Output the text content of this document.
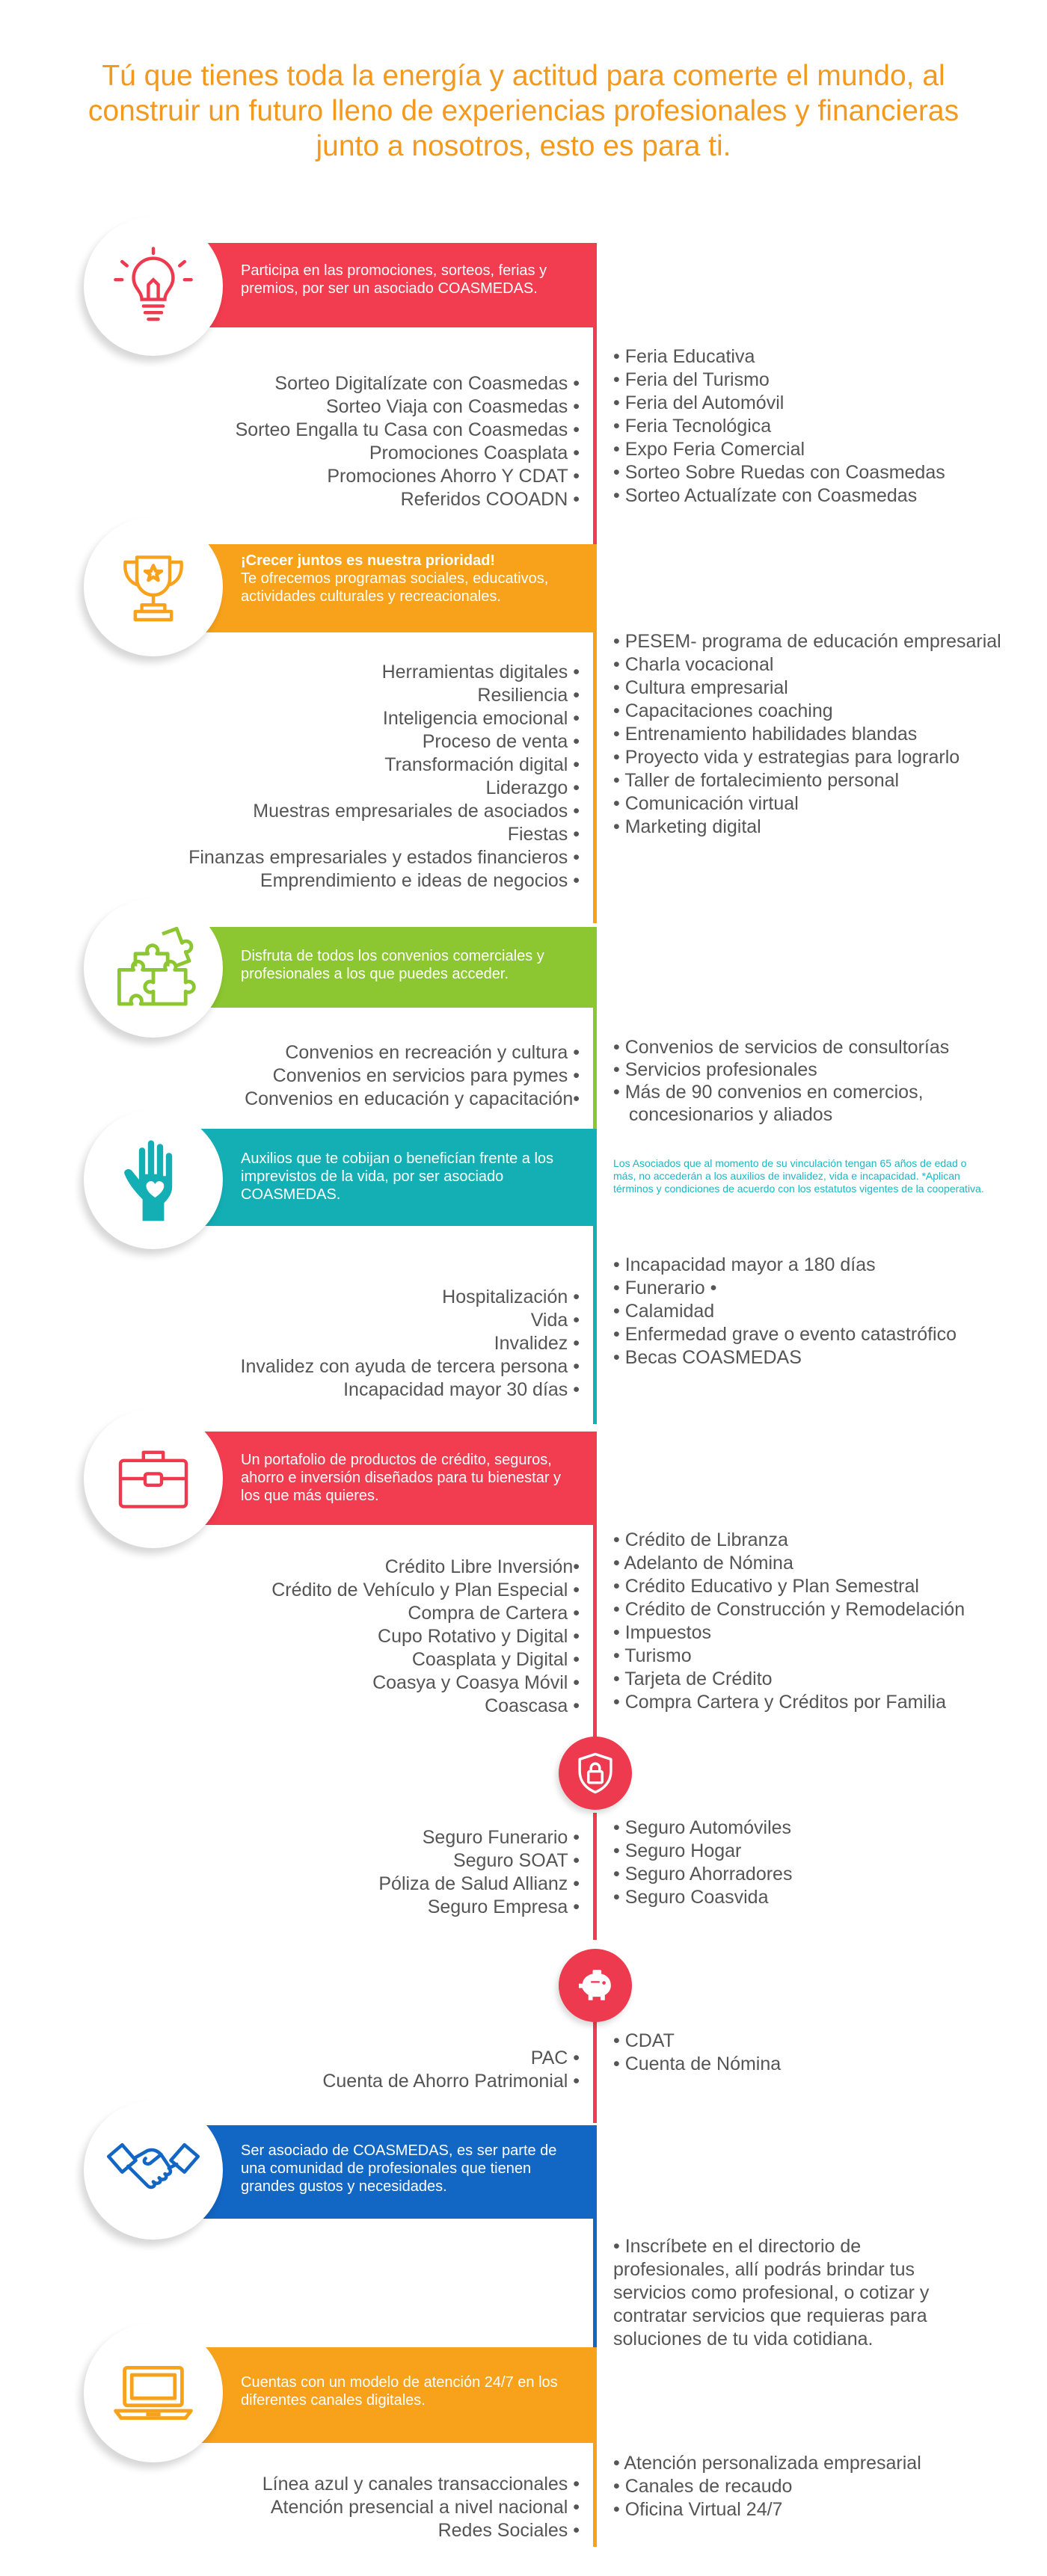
Tú que tienes toda la energía y actitud para comerte el mundo, al construir un futuro lleno de experiencias profesionales y financieras junto a nosotros, esto es para ti.
Participa en las promociones, sorteos, ferias y premios, por ser un asociado COASMEDAS.
Sorteo Digitalízate con Coasmedas •
Sorteo Viaja con Coasmedas •
Sorteo Engalla tu Casa con Coasmedas •
Promociones Coasplata •
Promociones Ahorro Y CDAT •
Referidos COOADN •
• Feria Educativa
• Feria del Turismo
• Feria del Automóvil
• Feria Tecnológica
• Expo Feria Comercial
• Sorteo Sobre Ruedas con Coasmedas
• Sorteo Actualízate con Coasmedas
¡Crecer juntos es nuestra prioridad!
Te ofrecemos programas sociales, educativos, actividades culturales y recreacionales.
Herramientas digitales •
Resiliencia •
Inteligencia emocional •
Proceso de venta •
Transformación digital •
Liderazgo •
Muestras empresariales de asociados •
Fiestas •
Finanzas empresariales y estados financieros •
Emprendimiento e ideas de negocios •
• PESEM- programa de educación empresarial
• Charla vocacional
• Cultura empresarial
• Capacitaciones coaching
• Entrenamiento habilidades blandas
• Proyecto vida y estrategias para lograrlo
• Taller de fortalecimiento personal
• Comunicación virtual
• Marketing digital
Disfruta de todos los convenios comerciales y profesionales a los que puedes acceder.
Convenios en recreación y cultura •
Convenios en servicios para pymes •
Convenios en educación y capacitación•
• Convenios de servicios de consultorías
• Servicios profesionales
• Más de 90 convenios en comercios,
concesionarios y aliados
Auxilios que te cobijan o beneficían frente a los imprevistos de la vida, por ser asociado COASMEDAS.
Los Asociados que al momento de su vinculación tengan 65 años de edad o más, no accederán a los auxilios de invalidez, vida e incapacidad. *Aplican términos y condiciones de acuerdo con los estatutos vigentes de la cooperativa.
Hospitalización •
Vida •
Invalidez •
Invalidez con ayuda de tercera persona •
Incapacidad mayor 30 días •
• Incapacidad mayor a 180 días
• Funerario •
• Calamidad
• Enfermedad grave o evento catastrófico
• Becas COASMEDAS
Un portafolio de productos de crédito, seguros, ahorro e inversión diseñados para tu bienestar y los que más quieres.
Crédito Libre Inversión•
Crédito de Vehículo y Plan Especial •
Compra de Cartera •
Cupo Rotativo y Digital •
Coasplata y Digital •
Coasya y Coasya Móvil •
Coascasa •
• Crédito de Libranza
• Adelanto de Nómina
• Crédito Educativo y Plan Semestral
• Crédito de Construcción y Remodelación
• Impuestos
• Turismo
• Tarjeta de Crédito
• Compra Cartera y Créditos por Familia
Seguro Funerario •
Seguro SOAT •
Póliza de Salud Allianz •
Seguro Empresa •
• Seguro Automóviles
• Seguro Hogar
• Seguro Ahorradores
• Seguro Coasvida
PAC •
Cuenta de Ahorro Patrimonial •
• CDAT
• Cuenta de Nómina
Ser asociado de COASMEDAS, es ser parte de una comunidad de profesionales que tienen grandes gustos y necesidades.
• Inscríbete en el directorio de profesionales, allí podrás brindar tus servicios como profesional, o cotizar y contratar servicios que requieras para soluciones de tu vida cotidiana.
Cuentas con un modelo de atención 24/7 en los diferentes canales digitales.
Línea azul y canales transaccionales •
Atención presencial a nivel nacional •
Redes Sociales •
• Atención personalizada empresarial
• Canales de recaudo
• Oficina Virtual 24/7
